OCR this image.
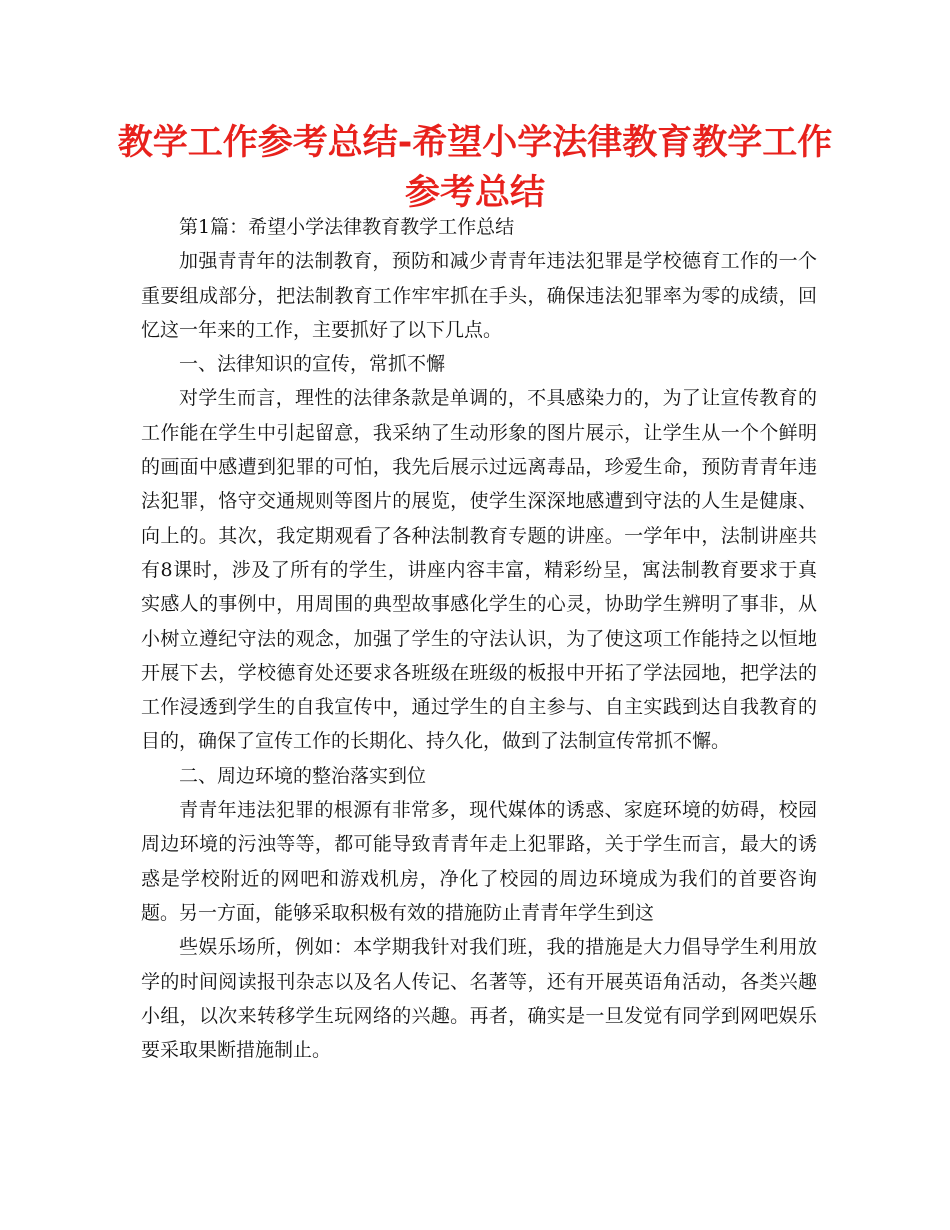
教学工作参考总结-希望小学法律教育教学工作参考总结

第1篇：希望小学法律教育教学工作总结

加强青青年的法制教育，预防和减少青青年违法犯罪是学校德育工作的一个重要组成部分，把法制教育工作牢牢抓在手头，确保违法犯罪率为零的成绩，回忆这一年来的工作，主要抓好了以下几点。

一、法律知识的宣传，常抓不懈

对学生而言，理性的法律条款是单调的，不具感染力的，为了让宣传教育的工作能在学生中引起留意，我采纳了生动形象的图片展示，让学生从一个个鲜明的画面中感遭到犯罪的可怕，我先后展示过远离毒品，珍爱生命，预防青青年违法犯罪，恪守交通规则等图片的展览，使学生深深地感遭到守法的人生是健康、向上的。其次，我定期观看了各种法制教育专题的讲座。一学年中，法制讲座共有8课时，涉及了所有的学生，讲座内容丰富，精彩纷呈，寓法制教育要求于真实感人的事例中，用周围的典型故事感化学生的心灵，协助学生辨明了事非，从小树立遵纪守法的观念，加强了学生的守法认识，为了使这项工作能持之以恒地开展下去，学校德育处还要求各班级在班级的板报中开拓了学法园地，把学法的工作浸透到学生的自我宣传中，通过学生的自主参与、自主实践到达自我教育的目的，确保了宣传工作的长期化、持久化，做到了法制宣传常抓不懈。

二、周边环境的整治落实到位

青青年违法犯罪的根源有非常多，现代媒体的诱惑、家庭环境的妨碍，校园周边环境的污浊等等，都可能导致青青年走上犯罪路，关于学生而言，最大的诱惑是学校附近的网吧和游戏机房，净化了校园的周边环境成为我们的首要咨询题。另一方面，能够采取积极有效的措施防止青青年学生到这

些娱乐场所，例如：本学期我针对我们班，我的措施是大力倡导学生利用放学的时间阅读报刊杂志以及名人传记、名著等，还有开展英语角活动，各类兴趣小组，以次来转移学生玩网络的兴趣。再者，确实是一旦发觉有同学到网吧娱乐要采取果断措施制止。
